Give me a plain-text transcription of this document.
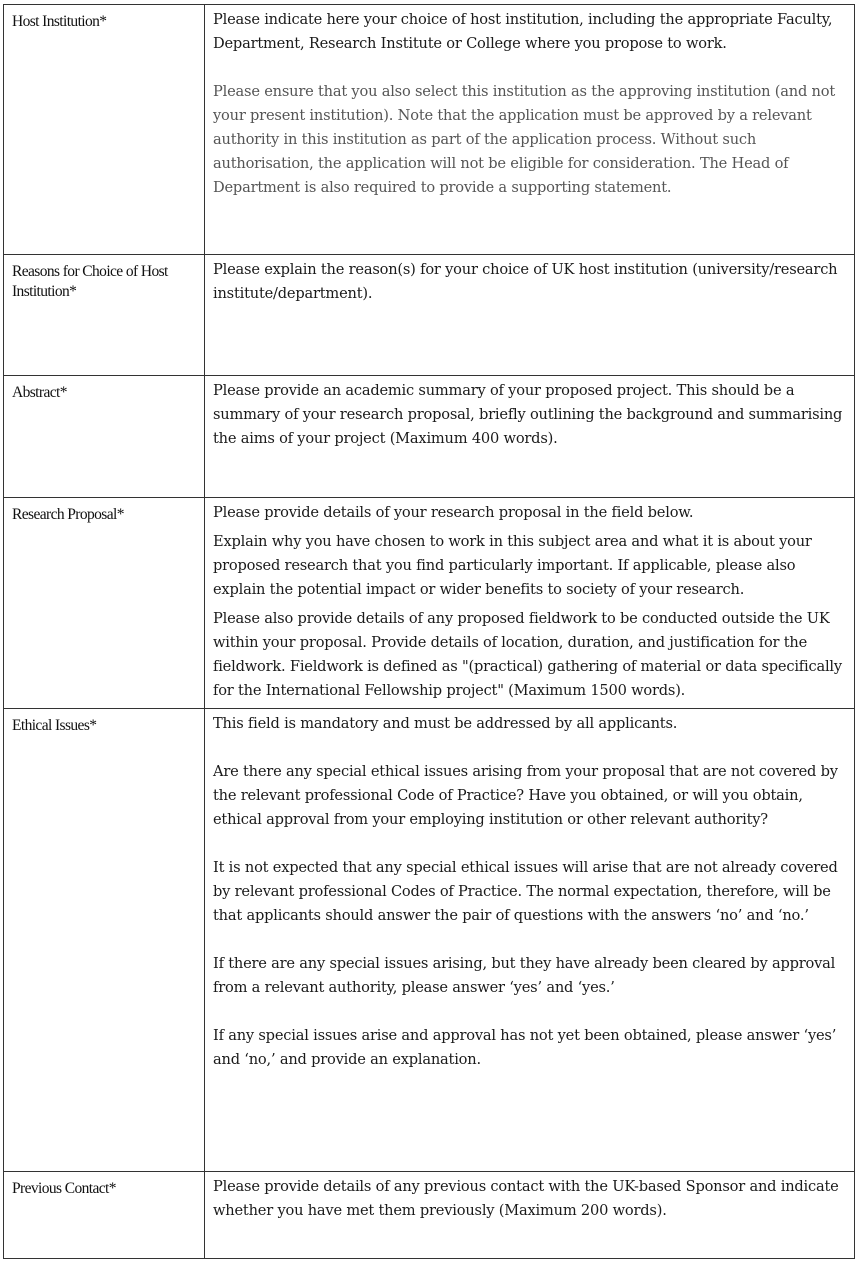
Host Institution*	Please indicate here your choice of host institution, including the appropriate Faculty, Department, Research Institute or College where you propose to work.

Please ensure that you also select this institution as the approving institution (and not your present institution). Note that the application must be approved by a relevant authority in this institution as part of the application process. Without such authorisation, the application will not be eligible for consideration. The Head of Department is also required to provide a supporting statement.

Reasons for Choice of Host Institution*	Please explain the reason(s) for your choice of UK host institution (university/research institute/department).

Abstract*	Please provide an academic summary of your proposed project. This should be a summary of your research proposal, briefly outlining the background and summarising the aims of your project (Maximum 400 words).

Research Proposal*	Please provide details of your research proposal in the field below.

Explain why you have chosen to work in this subject area and what it is about your proposed research that you find particularly important. If applicable, please also explain the potential impact or wider benefits to society of your research.

Please also provide details of any proposed fieldwork to be conducted outside the UK within your proposal. Provide details of location, duration, and justification for the fieldwork. Fieldwork is defined as "(practical) gathering of material or data specifically for the International Fellowship project" (Maximum 1500 words).

Ethical Issues*	This field is mandatory and must be addressed by all applicants.

Are there any special ethical issues arising from your proposal that are not covered by the relevant professional Code of Practice? Have you obtained, or will you obtain, ethical approval from your employing institution or other relevant authority?

It is not expected that any special ethical issues will arise that are not already covered by relevant professional Codes of Practice. The normal expectation, therefore, will be that applicants should answer the pair of questions with the answers ‘no’ and ‘no.’

If there are any special issues arising, but they have already been cleared by approval from a relevant authority, please answer ‘yes’ and ‘yes.’

If any special issues arise and approval has not yet been obtained, please answer ‘yes’ and ‘no,’ and provide an explanation.

Previous Contact*	Please provide details of any previous contact with the UK-based Sponsor and indicate whether you have met them previously (Maximum 200 words).
